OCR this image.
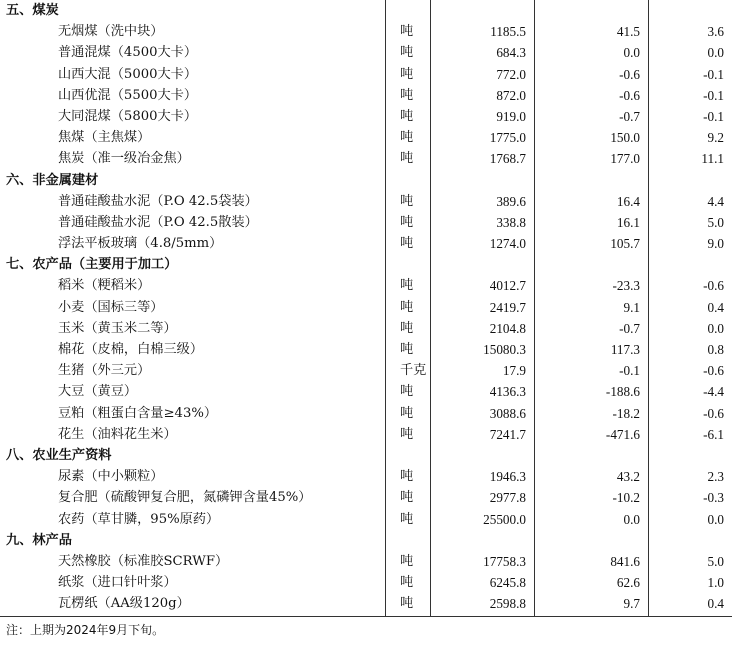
五、煤炭
无烟煤（洗中块）	吨	1185.5	41.5	3.6
普通混煤（4500大卡）	吨	684.3	0.0	0.0
山西大混（5000大卡）	吨	772.0	-0.6	-0.1
山西优混（5500大卡）	吨	872.0	-0.6	-0.1
大同混煤（5800大卡）	吨	919.0	-0.7	-0.1
焦煤（主焦煤）	吨	1775.0	150.0	9.2
焦炭（准一级冶金焦）	吨	1768.7	177.0	11.1
六、非金属建材
普通硅酸盐水泥（P.O 42.5袋装）	吨	389.6	16.4	4.4
普通硅酸盐水泥（P.O 42.5散装）	吨	338.8	16.1	5.0
浮法平板玻璃（4.8/5mm）	吨	1274.0	105.7	9.0
七、农产品（主要用于加工）
稻米（粳稻米）	吨	4012.7	-23.3	-0.6
小麦（国标三等）	吨	2419.7	9.1	0.4
玉米（黄玉米二等）	吨	2104.8	-0.7	0.0
棉花（皮棉，白棉三级）	吨	15080.3	117.3	0.8
生猪（外三元）	千克	17.9	-0.1	-0.6
大豆（黄豆）	吨	4136.3	-188.6	-4.4
豆粕（粗蛋白含量≥43%）	吨	3088.6	-18.2	-0.6
花生（油料花生米）	吨	7241.7	-471.6	-6.1
八、农业生产资料
尿素（中小颗粒）	吨	1946.3	43.2	2.3
复合肥（硫酸钾复合肥，氮磷钾含量45%）	吨	2977.8	-10.2	-0.3
农药（草甘膦，95%原药）	吨	25500.0	0.0	0.0
九、林产品
天然橡胶（标准胶SCRWF）	吨	17758.3	841.6	5.0
纸浆（进口针叶浆）	吨	6245.8	62.6	1.0
瓦楞纸（AA级120g）	吨	2598.8	9.7	0.4
注：上期为2024年9月下旬。
